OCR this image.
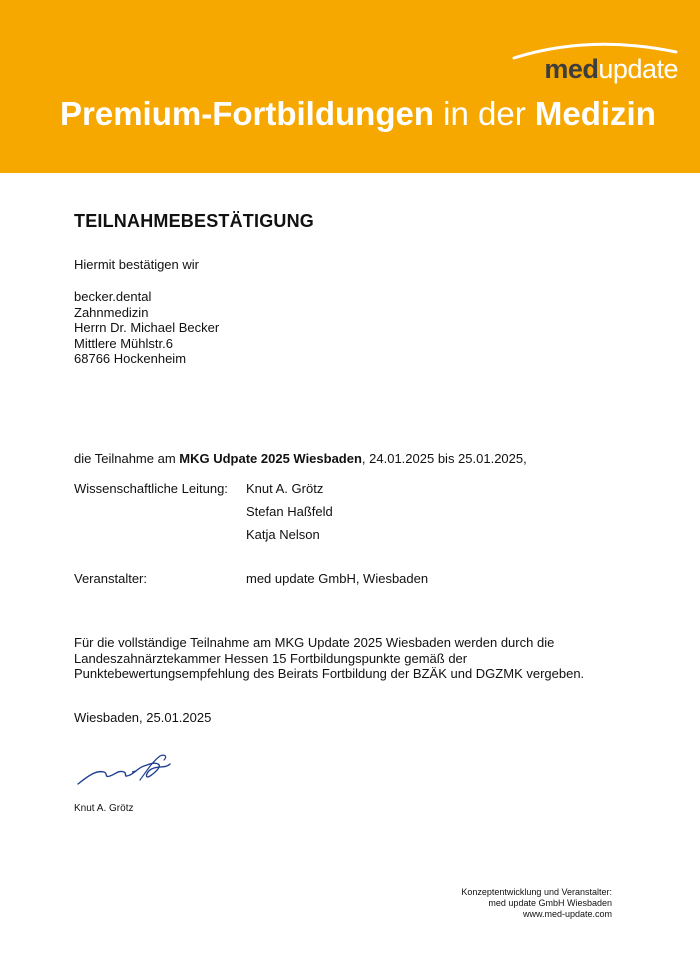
medupdate
Premium-Fortbildungen in der Medizin
TEILNAHMEBESTÄTIGUNG
Hiermit bestätigen wir
becker.dental
Zahnmedizin
Herrn Dr. Michael Becker
Mittlere Mühlstr.6
68766 Hockenheim
die Teilnahme am MKG Udpate 2025 Wiesbaden, 24.01.2025 bis 25.01.2025,
Wissenschaftliche Leitung: Knut A. Grötz
Stefan Haßfeld
Katja Nelson
Veranstalter:	med update GmbH, Wiesbaden
Für die vollständige Teilnahme am MKG Update 2025 Wiesbaden werden durch die Landeszahnärztekammer Hessen 15 Fortbildungspunkte gemäß der Punktebewertungsempfehlung des Beirats Fortbildung der BZÄK und DGZMK vergeben.
Wiesbaden, 25.01.2025
Knut A. Grötz
Konzeptentwicklung und Veranstalter:
med update GmbH Wiesbaden
www.med-update.com
